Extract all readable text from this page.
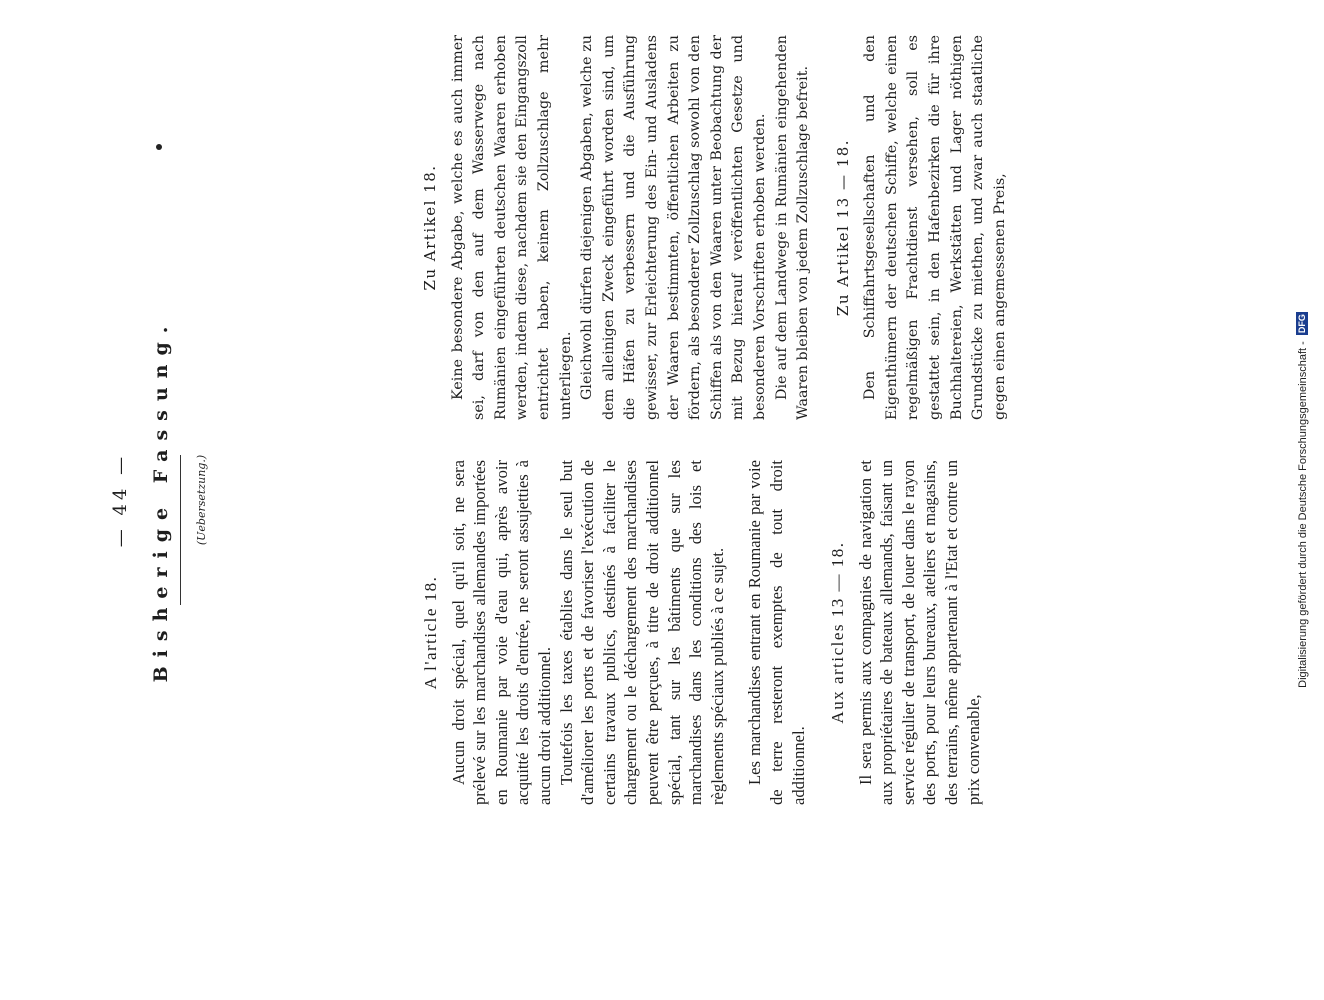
— 44 — Bisherige Fassung. (Uebersetzung.)
A l'article 18. Aucun droit spécial, quel qu'il soit, ne sera prélevé sur les marchandises allemandes importées en Roumanie par voie d'eau qui, après avoir acquitté les droits d'entrée, ne seront assujetties à aucun droit additionnel. Toutefois les taxes établies dans le seul but d'améliorer les ports et de favoriser l'exécution de certains travaux publics, destinés à faciliter le chargement ou le déchargement des marchandises peuvent être perçues, à titre de droit additionnel spécial, tant sur les bâtiments que sur les marchandises dans les conditions des lois et règlements spéciaux publiés à ce sujet. Les marchandises entrant en Roumanie par voie de terre resteront exemptes de tout droit additionnel.

Aux articles 13 — 18. Il sera permis aux compagnies de navigation et aux propriétaires de bateaux allemands, faisant un service régulier de transport, de louer dans le rayon des ports, pour leurs bureaux, ateliers et magasins, des terrains, même appartenant à l'Etat et contre un prix convenable,

Zu Artikel 18. Keine besondere Abgabe, welche es auch immer sei, darf von den auf dem Wasserwege nach Rumänien eingeführten deutschen Waaren erhoben werden, indem diese, nachdem sie den Eingangszoll entrichtet haben, keinem Zollzuschlage mehr unterliegen. Gleichwohl dürfen diejenigen Abgaben, welche zu dem alleinigen Zweck eingeführt worden sind, um die Häfen zu verbessern und die Ausführung gewisser, zur Erleichterung des Ein- und Ausladens der Waaren bestimmten, öffentlichen Arbeiten zu fördern, als besonderer Zollzuschlag sowohl von den Schiffen als von den Waaren unter Beobachtung der mit Bezug hierauf veröffentlichten Gesetze und besonderen Vorschriften erhoben werden. Die auf dem Landwege in Rumänien eingehenden Waaren bleiben von jedem Zollzuschlage befreit. Zu Artikel 13 — 18. Den Schiffahrtsgesellschaften und den Eigenthümern der deutschen Schiffe, welche einen regelmäßigen Frachtdienst versehen, soll es gestattet sein, in den Hafenbezirken die für ihre Buchhaltereien, Werkstätten und Lager nöthigen Grundstücke zu miethen, und zwar auch staatliche gegen einen angemessenen Preis,

Digitalisierung gefördert durch die Deutsche Forschungsgemeinschaft - DFG
